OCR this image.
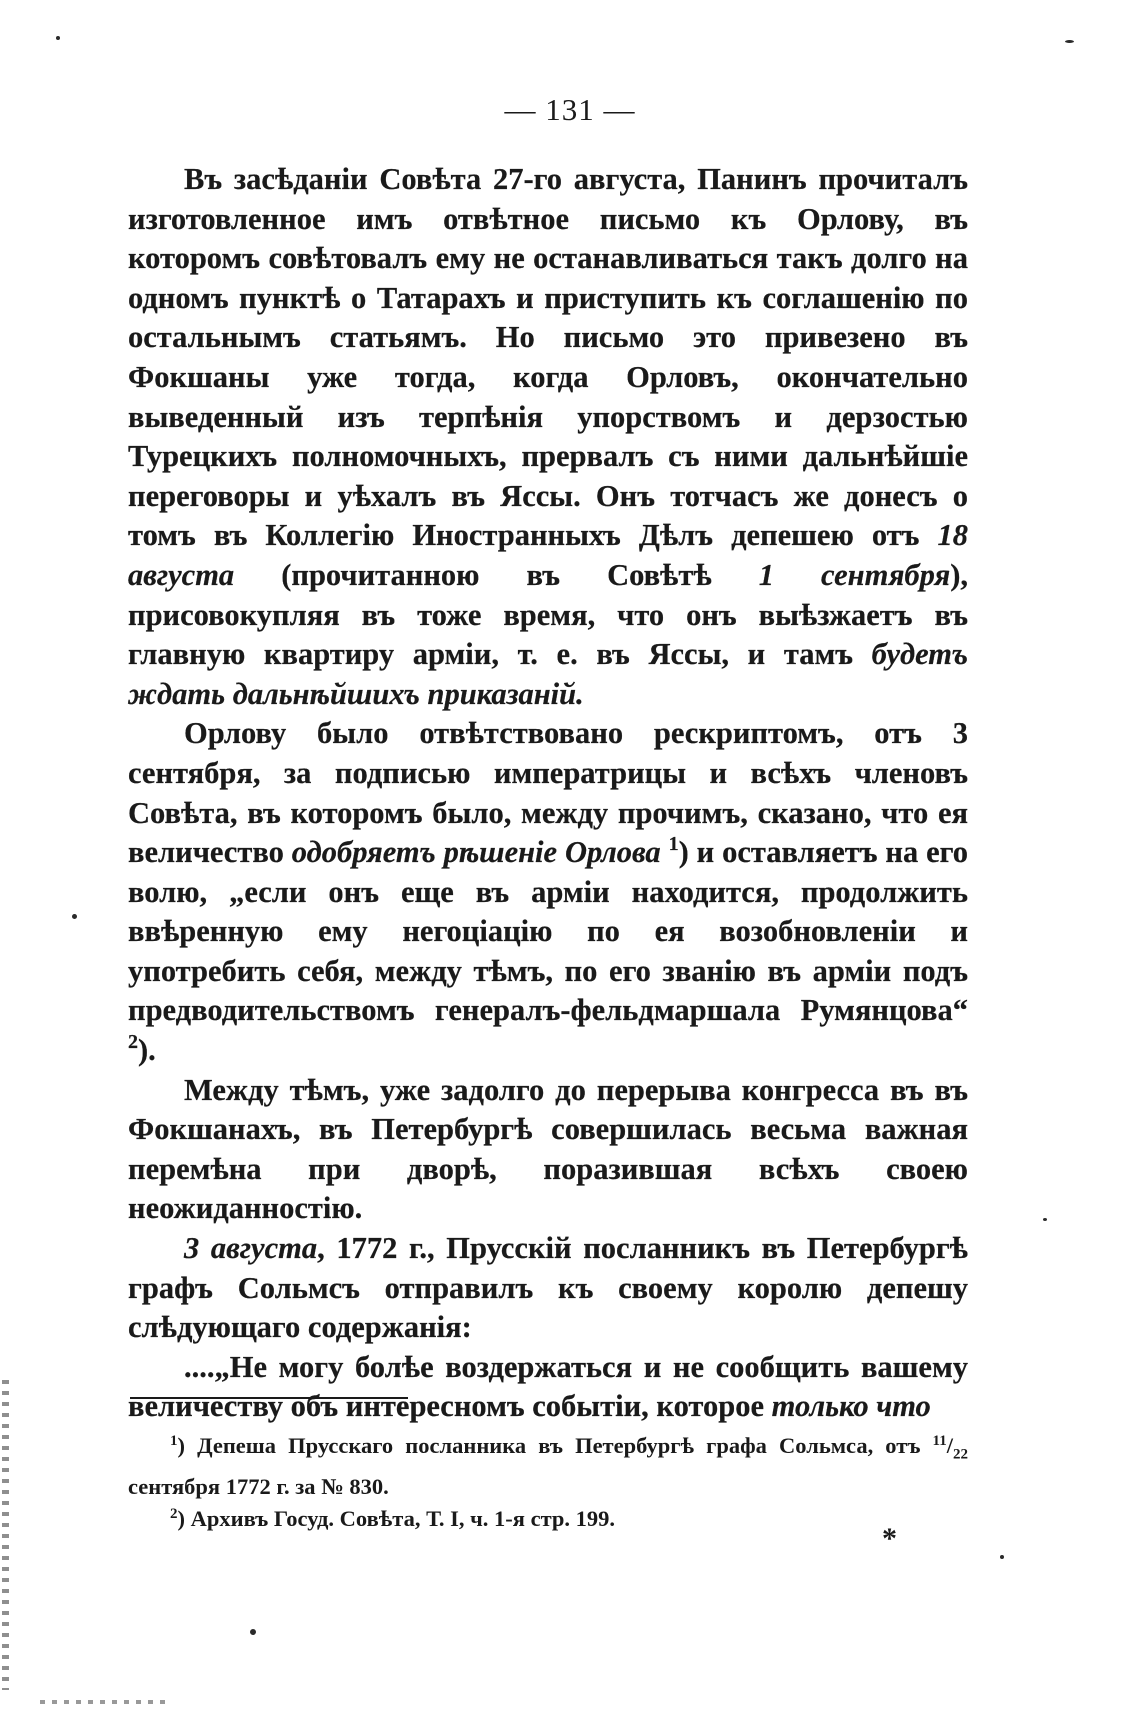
— 131 —

Въ засѣданіи Совѣта 27-го августа, Панинъ прочиталъ изготовленное имъ отвѣтное письмо къ Орлову, въ которомъ совѣтовалъ ему не останавливаться такъ долго на одномъ пунктѣ о Татарахъ и приступить къ соглашенію по остальнымъ статьямъ. Но письмо это привезено въ Фокшаны уже тогда, когда Орловъ, окончательно выведенный изъ терпѣнія упорствомъ и дерзостью Турецкихъ полномочныхъ, прервалъ съ ними дальнѣйшіе переговоры и уѣхалъ въ Яссы. Онъ тотчасъ же донесъ о томъ въ Коллегію Иностранныхъ Дѣлъ депешею отъ 18 августа (прочитанною въ Совѣтѣ 1 сентября), присовокупляя въ тоже время, что онъ выѣзжаетъ въ главную квартиру арміи, т. е. въ Яссы, и тамъ будетъ ждать дальнѣйшихъ приказаній.

Орлову было отвѣтствовано рескриптомъ, отъ 3 сентября, за подписью императрицы и всѣхъ членовъ Совѣта, въ которомъ было, между прочимъ, сказано, что ея величество одобряетъ рѣшеніе Орлова $^1$) и оставляетъ на его волю, „если онъ еще въ арміи находится, продолжить ввѣренную ему негоціацію по ея возобновленіи и употребить себя, между тѣмъ, по его званію въ арміи подъ предводительствомъ генералъ-фельдмаршала Румянцова“ $^2$).

Между тѣмъ, уже задолго до перерыва конгресса въ въ Фокшанахъ, въ Петербургѣ совершилась весьма важная перемѣна при дворѣ, поразившая всѣхъ своею неожиданностію.

3 августа, 1772 г., Прусскій посланникъ въ Петербургѣ графъ Сольмсъ отправилъ къ своему королю депешу слѣдующаго содержанія:

....„Не могу болѣе воздержаться и не сообщить вашему величеству объ интересномъ событіи, которое только что

$^1$) Депеша Прусскаго посланника въ Петербургѣ графа Сольмса, отъ $^{11}/_{22}$ сентября 1772 г. за № 830.

$^2$) Архивъ Госуд. Совѣта, Т. I, ч. 1-я стр. 199.

*
